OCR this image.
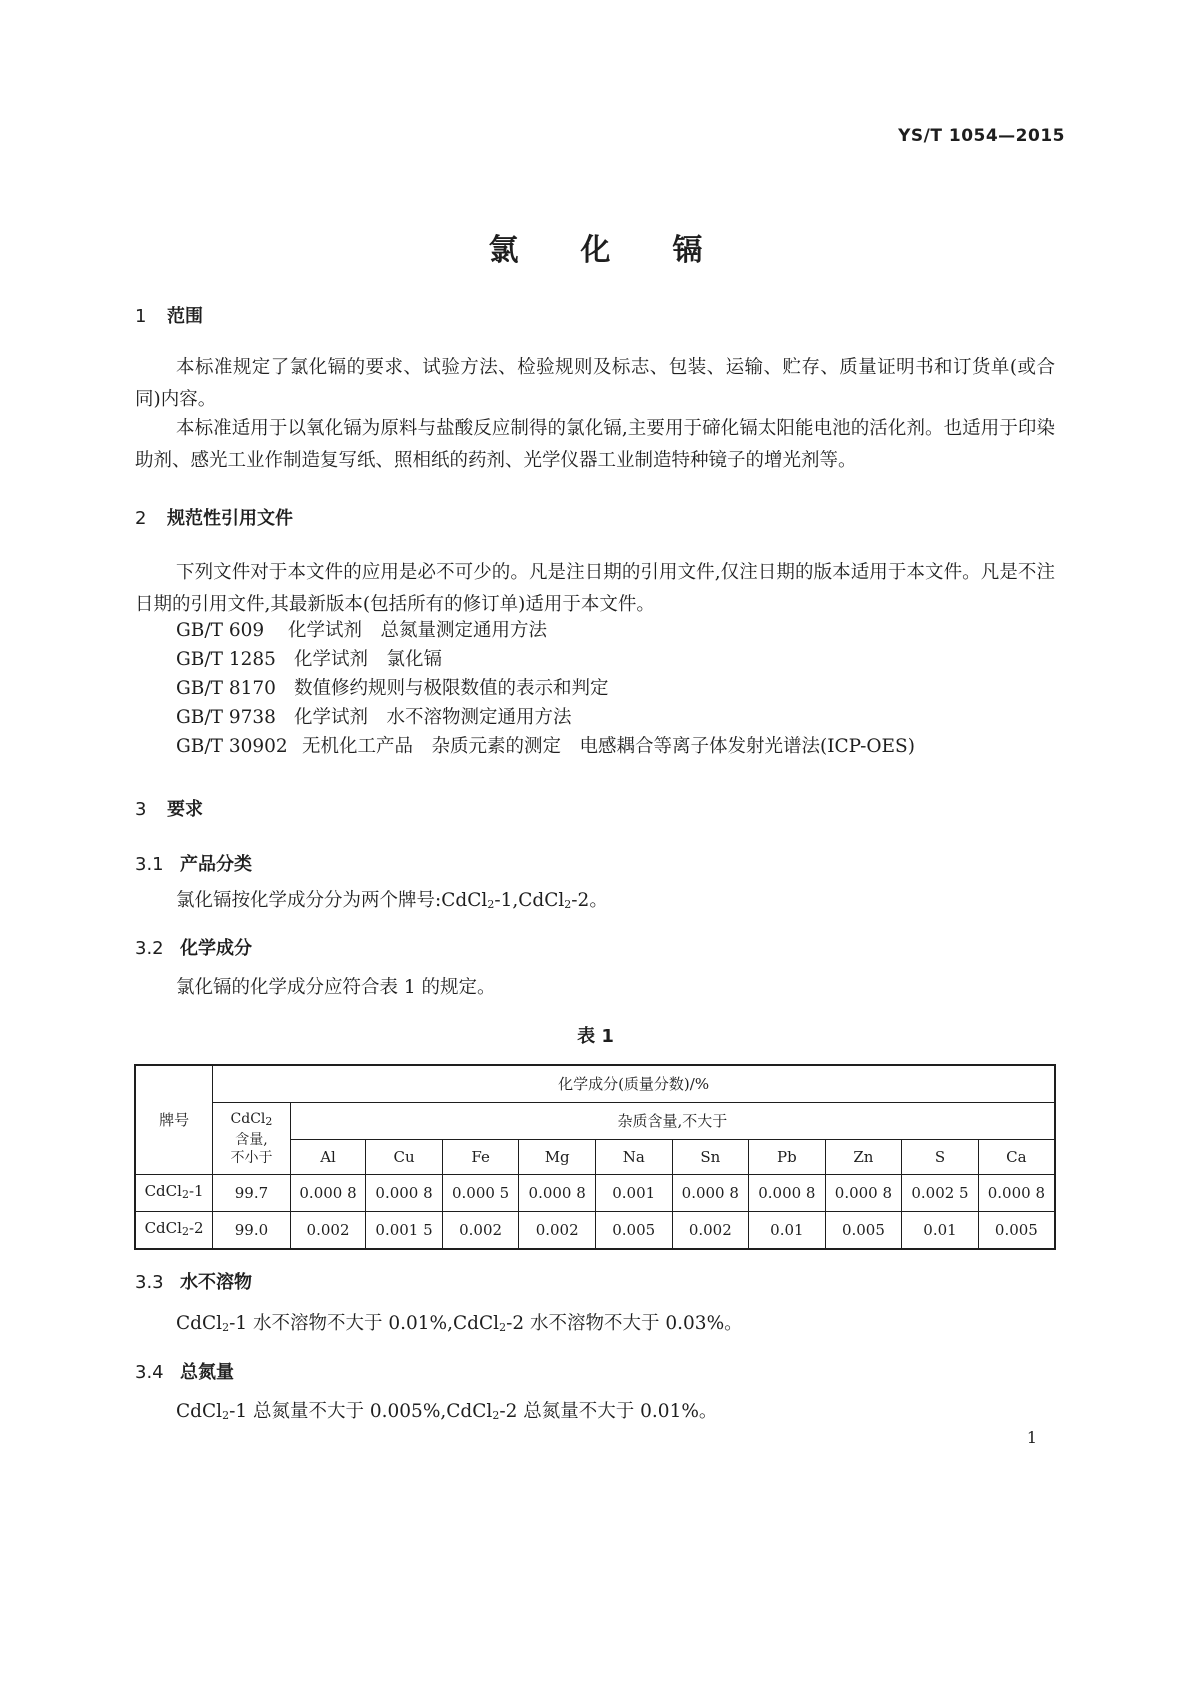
YS/T 1054—2015
氯化镉
1 范围
本标准规定了氯化镉的要求、试验方法、检验规则及标志、包装、运输、贮存、质量证明书和订货单(或合同)内容。
本标准适用于以氧化镉为原料与盐酸反应制得的氯化镉,主要用于碲化镉太阳能电池的活化剂。也适用于印染助剂、感光工业作制造复写纸、照相纸的药剂、光学仪器工业制造特种镜子的增光剂等。
2 规范性引用文件
下列文件对于本文件的应用是必不可少的。凡是注日期的引用文件,仅注日期的版本适用于本文件。凡是不注日期的引用文件,其最新版本(包括所有的修订单)适用于本文件。
GB/T 609 化学试剂　总氮量测定通用方法
GB/T 1285 化学试剂　氯化镉
GB/T 8170 数值修约规则与极限数值的表示和判定
GB/T 9738 化学试剂　水不溶物测定通用方法
GB/T 30902 无机化工产品　杂质元素的测定　电感耦合等离子体发射光谱法(ICP-OES)
3 要求
3.1 产品分类
氯化镉按化学成分分为两个牌号:CdCl2-1,CdCl2-2。
3.2 化学成分
氯化镉的化学成分应符合表 1 的规定。
表 1
牌号	化学成分(质量分数)/%										
	CdCl2
含量,
不小于	杂质含量,不大于									
		Al	Cu	Fe	Mg	Na	Sn	Pb	Zn	S	Ca
CdCl2-1	99.7	0.000 8	0.000 8	0.000 5	0.000 8	0.001	0.000 8	0.000 8	0.000 8	0.002 5	0.000 8
CdCl2-2	99.0	0.002	0.001 5	0.002	0.002	0.005	0.002	0.01	0.005	0.01	0.005
3.3 水不溶物
CdCl2-1 水不溶物不大于 0.01%,CdCl2-2 水不溶物不大于 0.03%。
3.4 总氮量
CdCl2-1 总氮量不大于 0.005%,CdCl2-2 总氮量不大于 0.01%。
1
